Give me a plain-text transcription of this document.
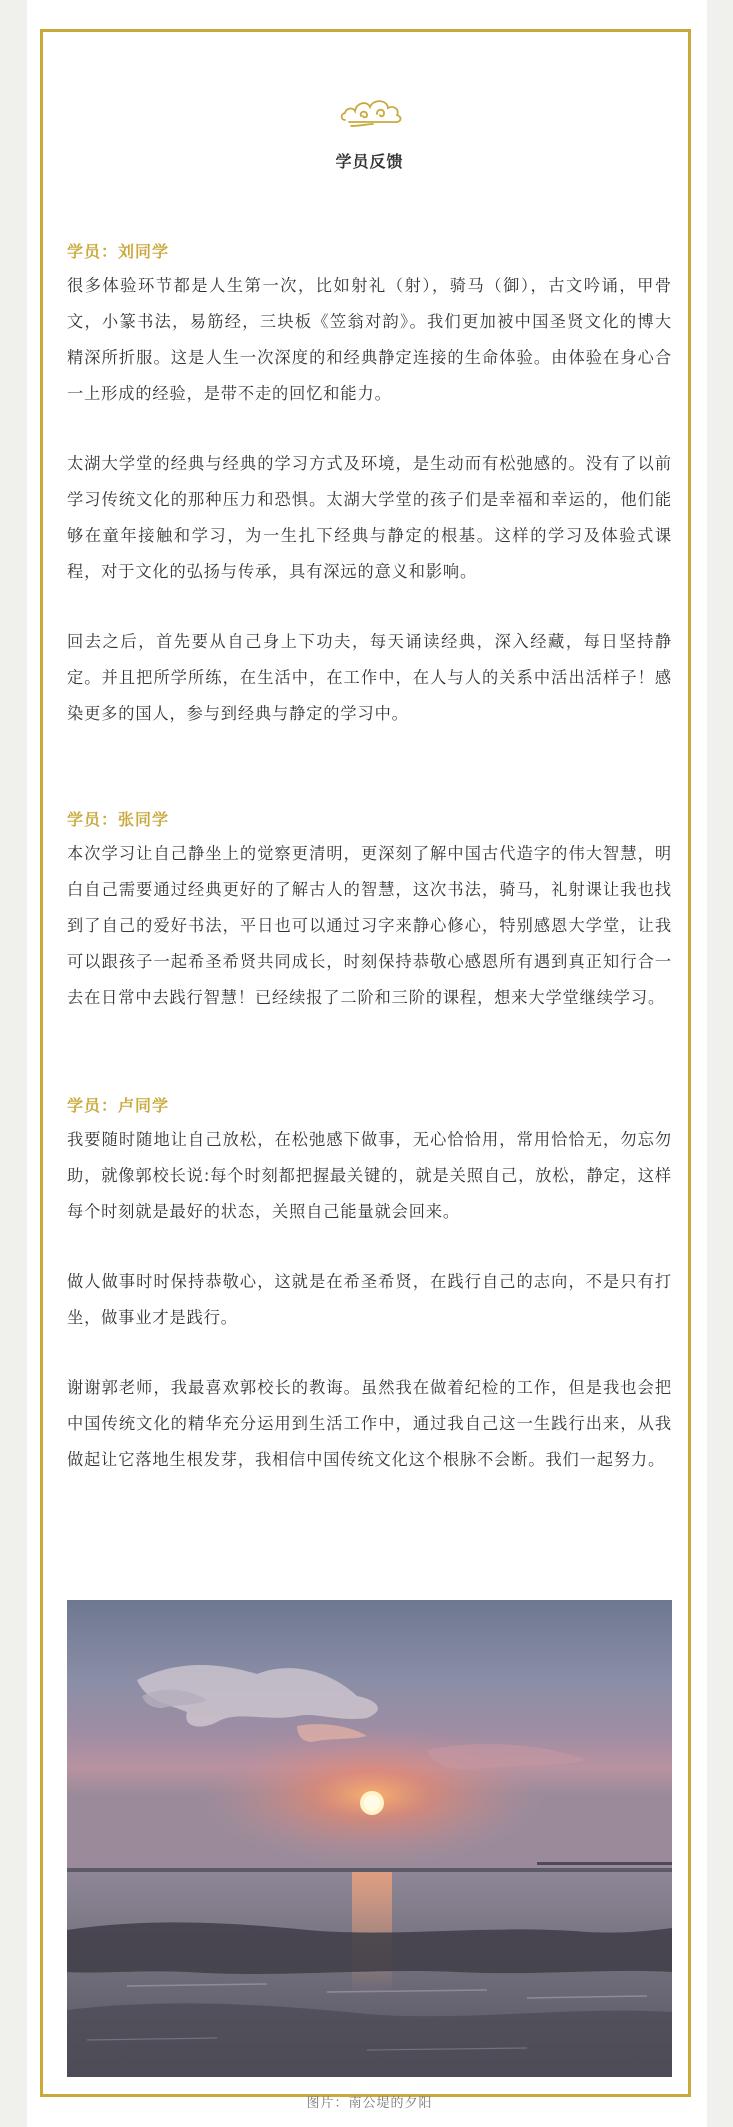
学员反馈
学员：刘同学

很多体验环节都是人生第一次，比如射礼（射），骑马（御），古文吟诵，甲骨文，小篆书法，易筋经，三块板《笠翁对韵》。我们更加被中国圣贤文化的博大精深所折服。这是人生一次深度的和经典静定连接的生命体验。由体验在身心合一上形成的经验，是带不走的回忆和能力。

太湖大学堂的经典与经典的学习方式及环境，是生动而有松弛感的。没有了以前学习传统文化的那种压力和恐惧。太湖大学堂的孩子们是幸福和幸运的，他们能够在童年接触和学习，为一生扎下经典与静定的根基。这样的学习及体验式课程，对于文化的弘扬与传承，具有深远的意义和影响。

回去之后，首先要从自己身上下功夫，每天诵读经典，深入经藏，每日坚持静定。并且把所学所练，在生活中，在工作中，在人与人的关系中活出活样子！感染更多的国人，参与到经典与静定的学习中。

学员：张同学

本次学习让自己静坐上的觉察更清明，更深刻了解中国古代造字的伟大智慧，明白自己需要通过经典更好的了解古人的智慧，这次书法，骑马，礼射课让我也找到了自己的爱好书法，平日也可以通过习字来静心修心，特别感恩大学堂，让我可以跟孩子一起希圣希贤共同成长，时刻保持恭敬心感恩所有遇到真正知行合一去在日常中去践行智慧！已经续报了二阶和三阶的课程，想来大学堂继续学习。

学员：卢同学

我要随时随地让自己放松，在松弛感下做事，无心恰恰用，常用恰恰无，勿忘勿助，就像郭校长说:每个时刻都把握最关键的，就是关照自己，放松，静定，这样每个时刻就是最好的状态，关照自己能量就会回来。

做人做事时时保持恭敬心，这就是在希圣希贤，在践行自己的志向，不是只有打坐，做事业才是践行。

谢谢郭老师，我最喜欢郭校长的教诲。虽然我在做着纪检的工作，但是我也会把中国传统文化的精华充分运用到生活工作中，通过我自己这一生践行出来，从我做起让它落地生根发芽，我相信中国传统文化这个根脉不会断。我们一起努力。

图片：南公堤的夕阳
